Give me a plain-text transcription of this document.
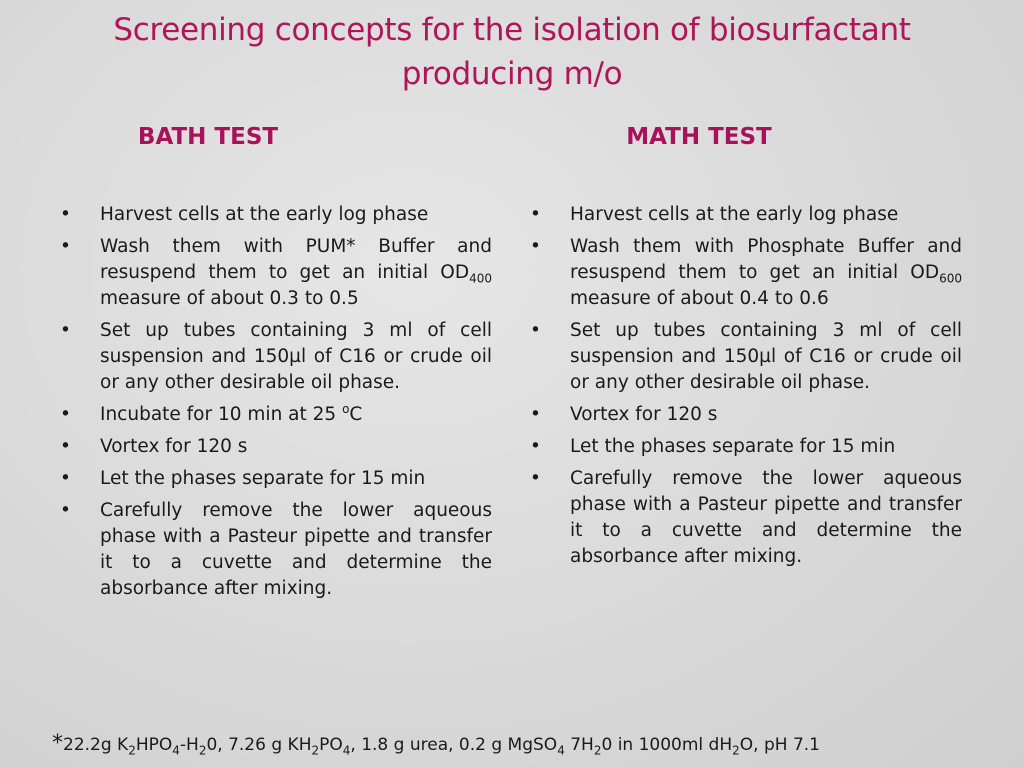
Screening concepts for the isolation of biosurfactant producing m/o
BATH TEST	MATH TEST
• Harvest cells at the early log phase
• Wash them with PUM* Buffer and resuspend them to get an initial $OD_{400}$ measure of about 0.3 to 0.5
• Set up tubes containing 3 ml of cell suspension and 150µl of C16 or crude oil or any other desirable oil phase.
• Incubate for 10 min at 25 $^o$C
• Vortex for 120 s
• Let the phases separate for 15 min
• Carefully remove the lower aqueous phase with a Pasteur pipette and transfer it to a cuvette and determine the absorbance after mixing.
• Harvest cells at the early log phase
• Wash them with Phosphate Buffer and resuspend them to get an initial $OD_{600}$ measure of about 0.4 to 0.6
• Set up tubes containing 3 ml of cell suspension and 150µl of C16 or crude oil or any other desirable oil phase.
• Vortex for 120 s
• Let the phases separate for 15 min
• Carefully remove the lower aqueous phase with a Pasteur pipette and transfer it to a cuvette and determine the absorbance after mixing.
*22.2g $K_2HPO_4-H_20$, 7.26 g $KH_2PO_4$, 1.8 g urea, 0.2 g MgSO$_4$ $7H_20$ in 1000ml $dH_2O$, pH 7.1
